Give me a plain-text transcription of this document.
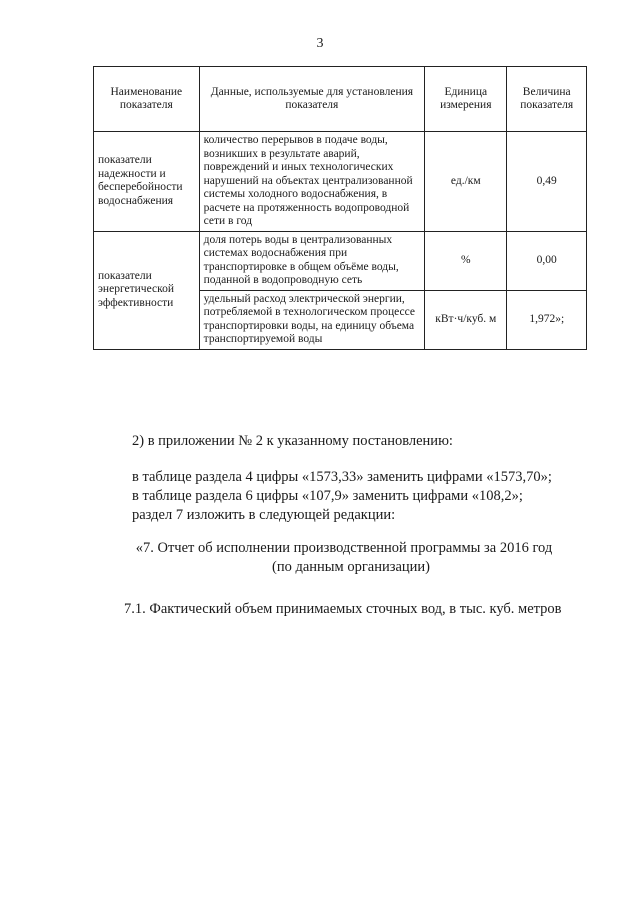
3
Наименование показателя	Данные, используемые для установления показателя	Единица измерения	Величина показателя
показатели надежности и бесперебойности водоснабжения	количество перерывов в подаче воды, возникших в результате аварий, повреждений и иных технологических нарушений на объектах централизованной системы холодного водоснабжения, в расчете на протяженность водопроводной сети в год	ед./км	0,49
показатели энергетической эффективности	доля потерь воды в централизованных системах водоснабжения при транспортировке в общем объёме воды, поданной в водопроводную сеть	%	0,00
	удельный расход электрической энергии, потребляемой в технологическом процессе транспортировки воды, на единицу объема транспортируемой воды	кВт·ч/куб. м	1,972»;
2) в приложении № 2 к указанному постановлению:
в таблице раздела 4 цифры «1573,33» заменить цифрами «1573,70»;
в таблице раздела 6 цифры «107,9» заменить цифрами «108,2»;
раздел 7 изложить в следующей редакции:
«7. Отчет об исполнении производственной программы за 2016 год
(по данным организации)
7.1. Фактический объем принимаемых сточных вод, в тыс. куб. метров
